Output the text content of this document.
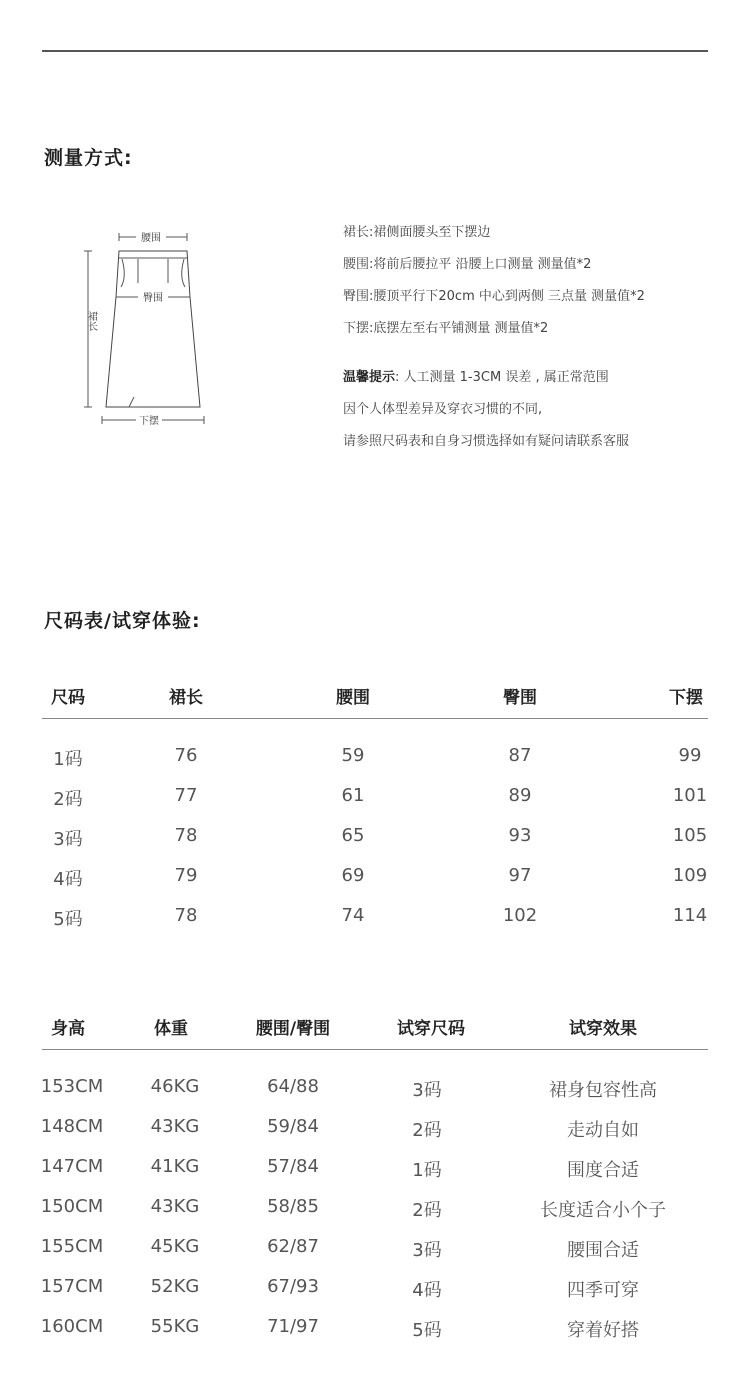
测量方式:
腰围
臀围
下摆
裙长
裙长:裙侧面腰头至下摆边
腰围:将前后腰拉平 沿腰上口测量 测量值*2
臀围:腰顶平行下20cm 中心到两侧 三点量 测量值*2
下摆:底摆左至右平铺测量 测量值*2
温馨提示: 人工测量 1-3CM 误差 , 属正常范围
因个人体型差异及穿衣习惯的不同,
请参照尺码表和自身习惯选择如有疑问请联系客服
尺码表/试穿体验:
尺码	裙长	腰围	臀围	下摆
1码	76	59	87	99
2码	77	61	89	101
3码	78	65	93	105
4码	79	69	97	109
5码	78	74	102	114
身高	体重	腰围/臀围	试穿尺码	试穿效果
153CM	46KG	64/88	3码	裙身包容性高
148CM	43KG	59/84	2码	走动自如
147CM	41KG	57/84	1码	围度合适
150CM	43KG	58/85	2码	长度适合小个子
155CM	45KG	62/87	3码	腰围合适
157CM	52KG	67/93	4码	四季可穿
160CM	55KG	71/97	5码	穿着好搭
